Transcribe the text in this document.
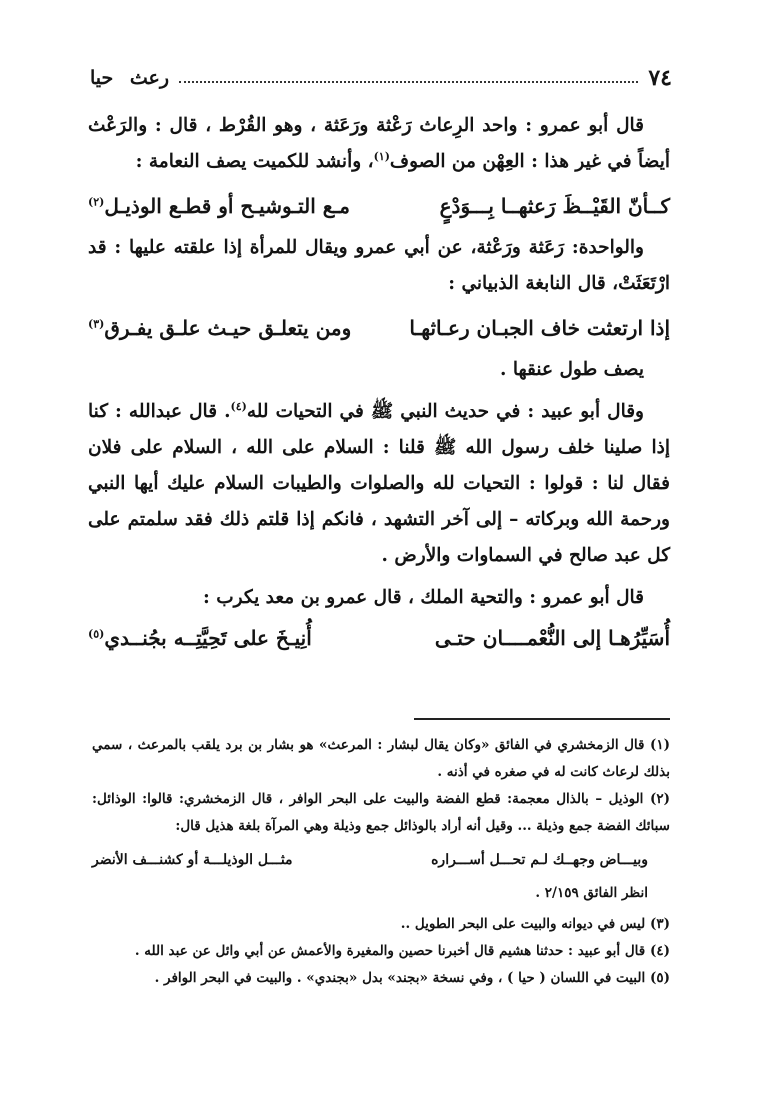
٧٤
رعث حيا

قال أبو عمرو : واحد الرِعاث رَعْثة ورَعَثة ، وهو القُرْط ، قال : والرَعْث أيضاً في غير هذا : العِهْن من الصوف$^{(١)}$، وأنشد للكميت يصف النعامة :

كــأنّ القَيْــظَ رَعثهــا بِـــوَدْعٍ
مـع التـوشيـح أو قطـع الوذيـل$^{(٢)}$

والواحدة: رَعَثة ورَعْثة، عن أبي عمرو ويقال للمرأة إذا علقته عليها : قد ارْتَعَثَتْ، قال النابغة الذبياني :

إذا ارتعثت خاف الجبـان رعـاثهـا
ومن يتعلـق حيـث علـق يفـرق$^{(٣)}$

يصف طول عنقها .

وقال أبو عبيد : في حديث النبي ﷺ في التحيات لله$^{(٤)}$. قال عبدالله : كنا إذا صلينا خلف رسول الله ﷺ قلنا : السلام على الله ، السلام على فلان فقال لنا : قولوا : التحيات لله والصلوات والطيبات السلام عليك أيها النبي ورحمة الله وبركاته – إلى آخر التشهد ، فانكم إذا قلتم ذلك فقد سلمتم على كل عبد صالح في السماوات والأرض .

قال أبو عمرو : والتحية الملك ، قال عمرو بن معد يكرب :

أُسَيِّرُهـا إلى النُّعْمــــان حتـى
أُنِيـخَ على تَحِيَّتِــه بجُنــدي$^{(٥)}$

(١) قال الزمخشري في الفائق «وكان يقال لبشار : المرعث» هو بشار بن برد يلقب بالمرعث ، سمي بذلك لرعاث كانت له في صغره في أذنه .

(٢) الوذيل – بالذال معجمة: قطع الفضة والبيت على البحر الوافر ، قال الزمخشري: قالوا: الوذائل: سبائك الفضة جمع وذيلة ... وقيل أنه أراد بالوذائل جمع وذيلة وهي المرآة بلغة هذيل قال:

وبيـــاض وجهــك لـم تحـــل أســـراره
مثـــل الوذيلـــة أو كشنـــف الأنضر

انظر الفائق ٢/١٥٩ .

(٣) ليس في ديوانه والبيت على البحر الطويل ..

(٤) قال أبو عبيد : حدثنا هشيم قال أخبرنا حصين والمغيرة والأعمش عن أبي وائل عن عبد الله .

(٥) البيت في اللسان ( حيا ) ، وفي نسخة «بجند» بدل «بجندي» . والبيت في البحر الوافر .
